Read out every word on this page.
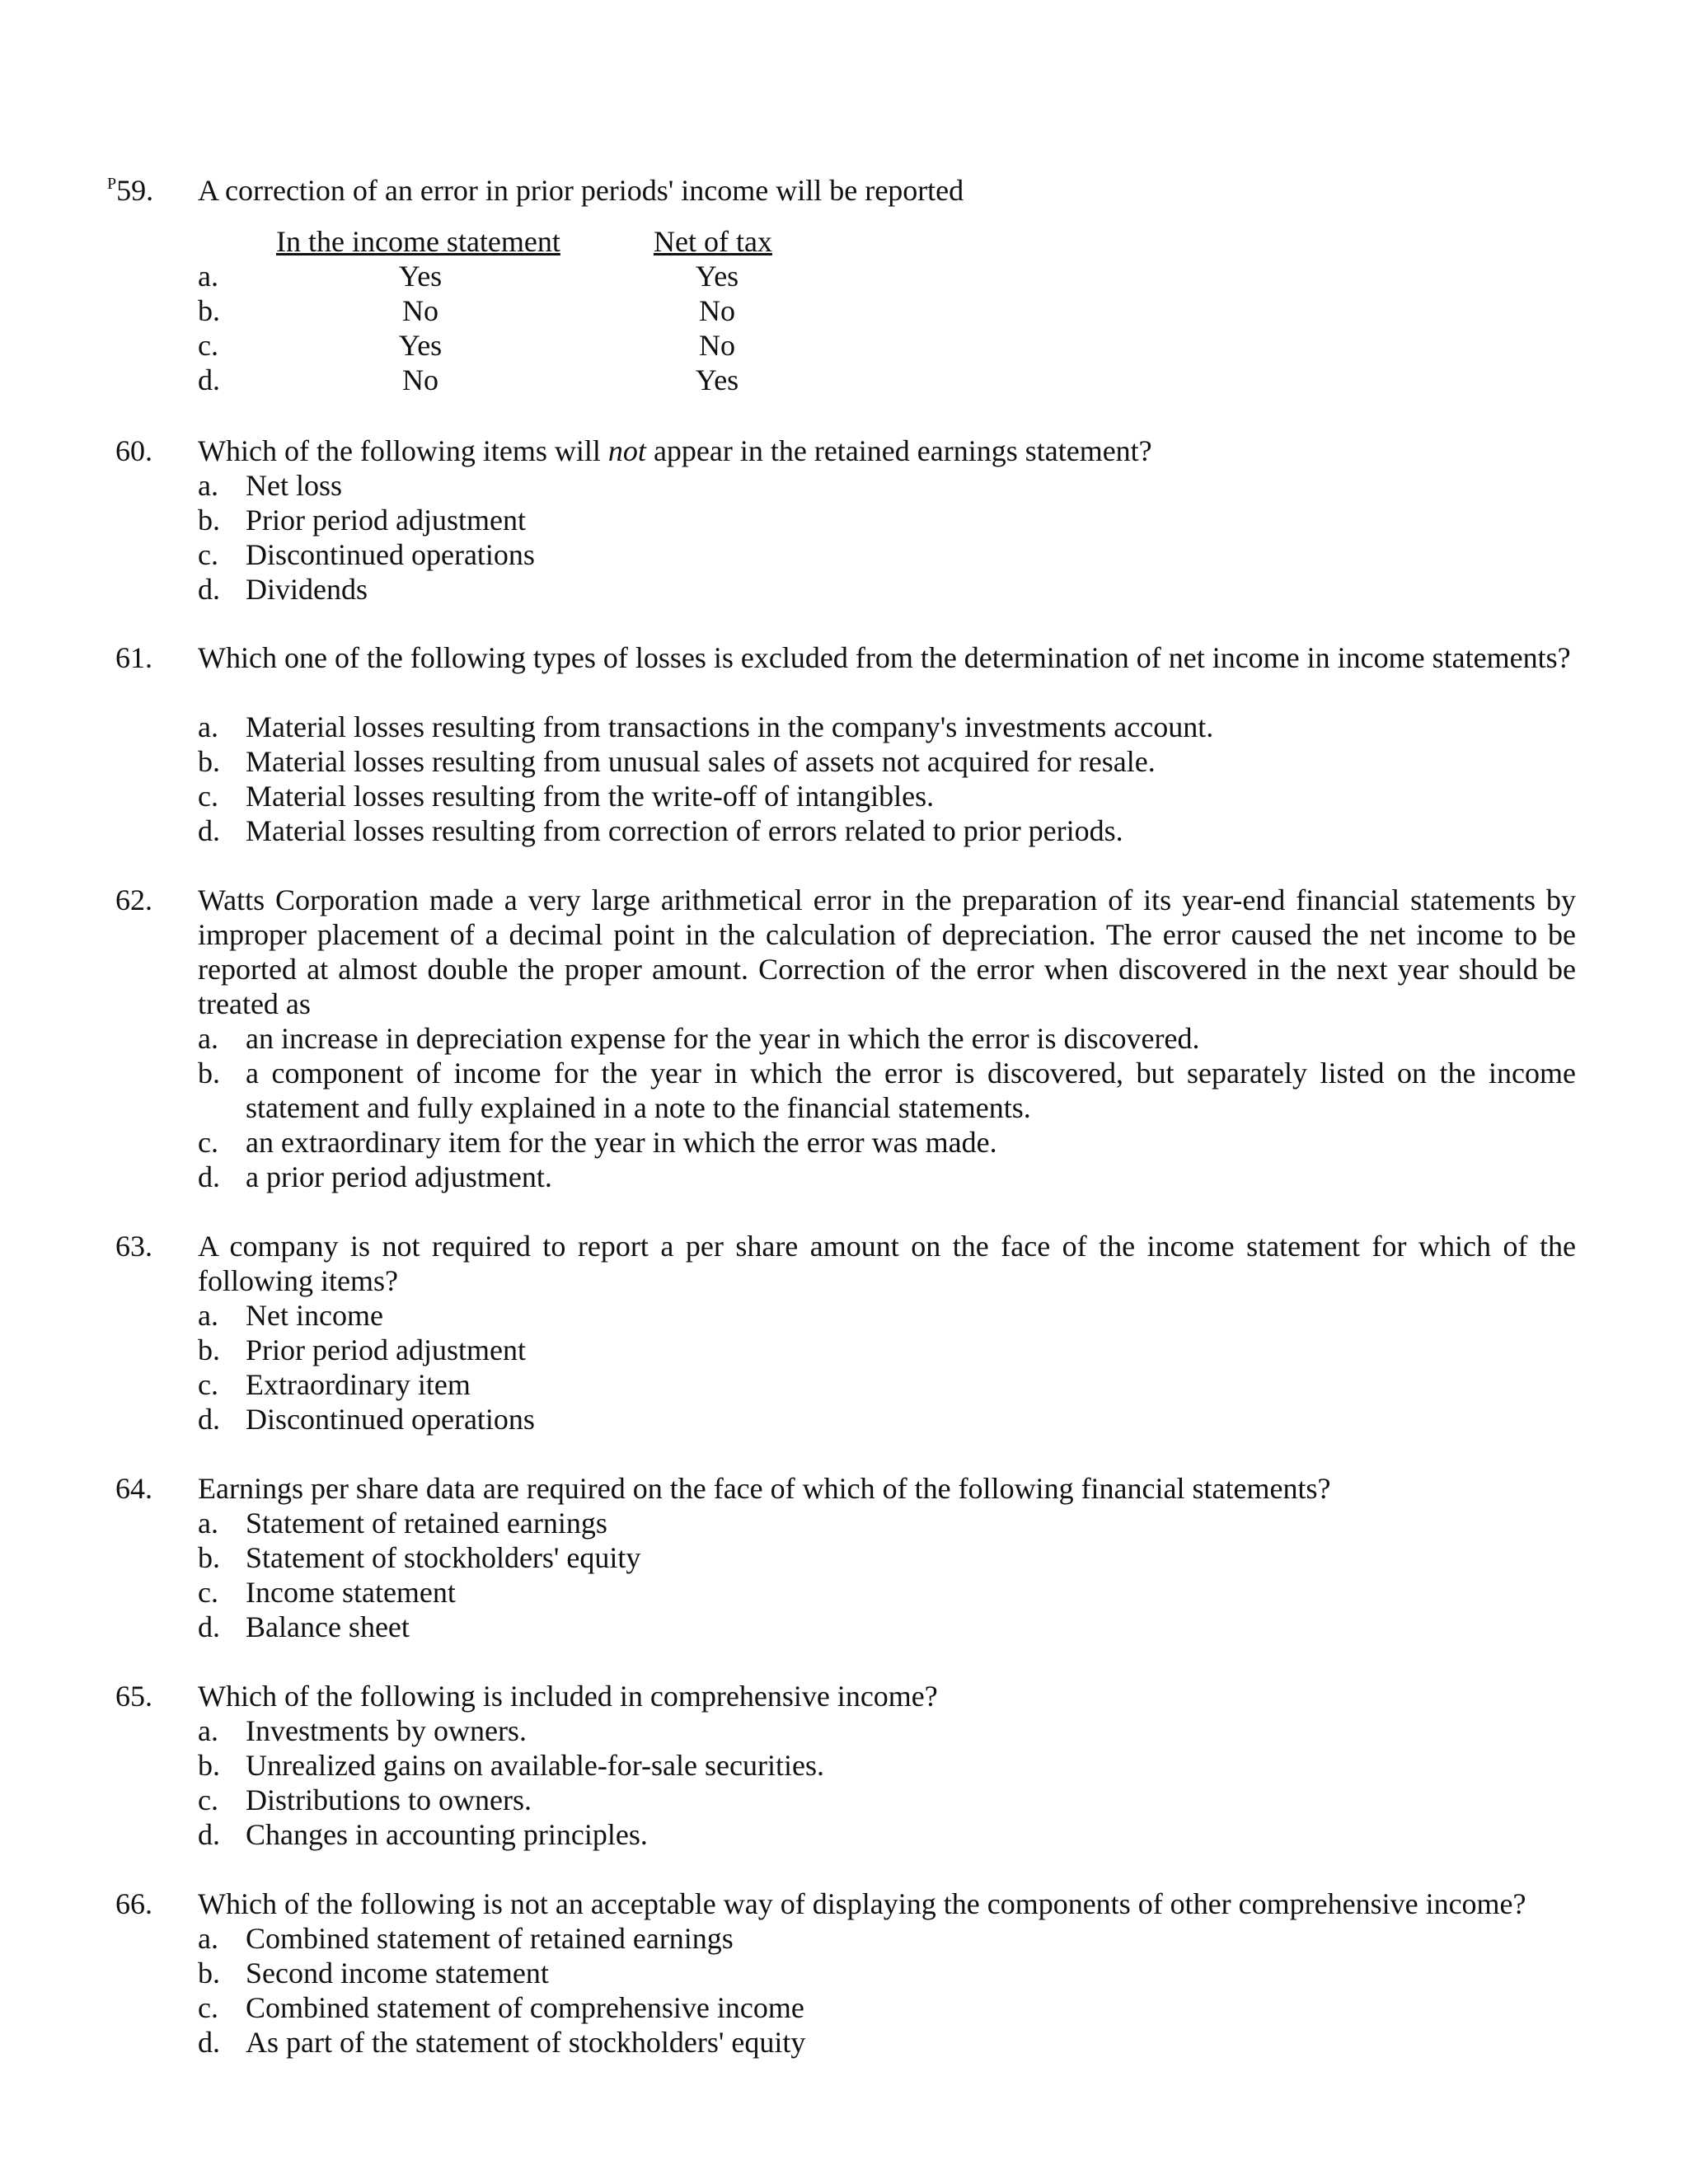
$^P$59. A correction of an error in prior periods' income will be reported
In the income statement	Net of tax
a.	Yes	Yes
b.	No	No
c.	Yes	No
d.	No	Yes
60. Which of the following items will not appear in the retained earnings statement?
a. Net loss
b. Prior period adjustment
c. Discontinued operations
d. Dividends
61. Which one of the following types of losses is excluded from the determination of net income in income statements?
a. Material losses resulting from transactions in the company's investments account.
b. Material losses resulting from unusual sales of assets not acquired for resale.
c. Material losses resulting from the write-off of intangibles.
d. Material losses resulting from correction of errors related to prior periods.
62. Watts Corporation made a very large arithmetical error in the preparation of its year-end financial statements by improper placement of a decimal point in the calculation of depreciation. The error caused the net income to be reported at almost double the proper amount. Correction of the error when discovered in the next year should be treated as
a. an increase in depreciation expense for the year in which the error is discovered.
b. a component of income for the year in which the error is discovered, but separately listed on the income statement and fully explained in a note to the financial statements.
c. an extraordinary item for the year in which the error was made.
d. a prior period adjustment.
63. A company is not required to report a per share amount on the face of the income statement for which of the following items?
a. Net income
b. Prior period adjustment
c. Extraordinary item
d. Discontinued operations
64. Earnings per share data are required on the face of which of the following financial statements?
a. Statement of retained earnings
b. Statement of stockholders' equity
c. Income statement
d. Balance sheet
65. Which of the following is included in comprehensive income?
a. Investments by owners.
b. Unrealized gains on available-for-sale securities.
c. Distributions to owners.
d. Changes in accounting principles.
66. Which of the following is not an acceptable way of displaying the components of other comprehensive income?
a. Combined statement of retained earnings
b. Second income statement
c. Combined statement of comprehensive income
d. As part of the statement of stockholders' equity
